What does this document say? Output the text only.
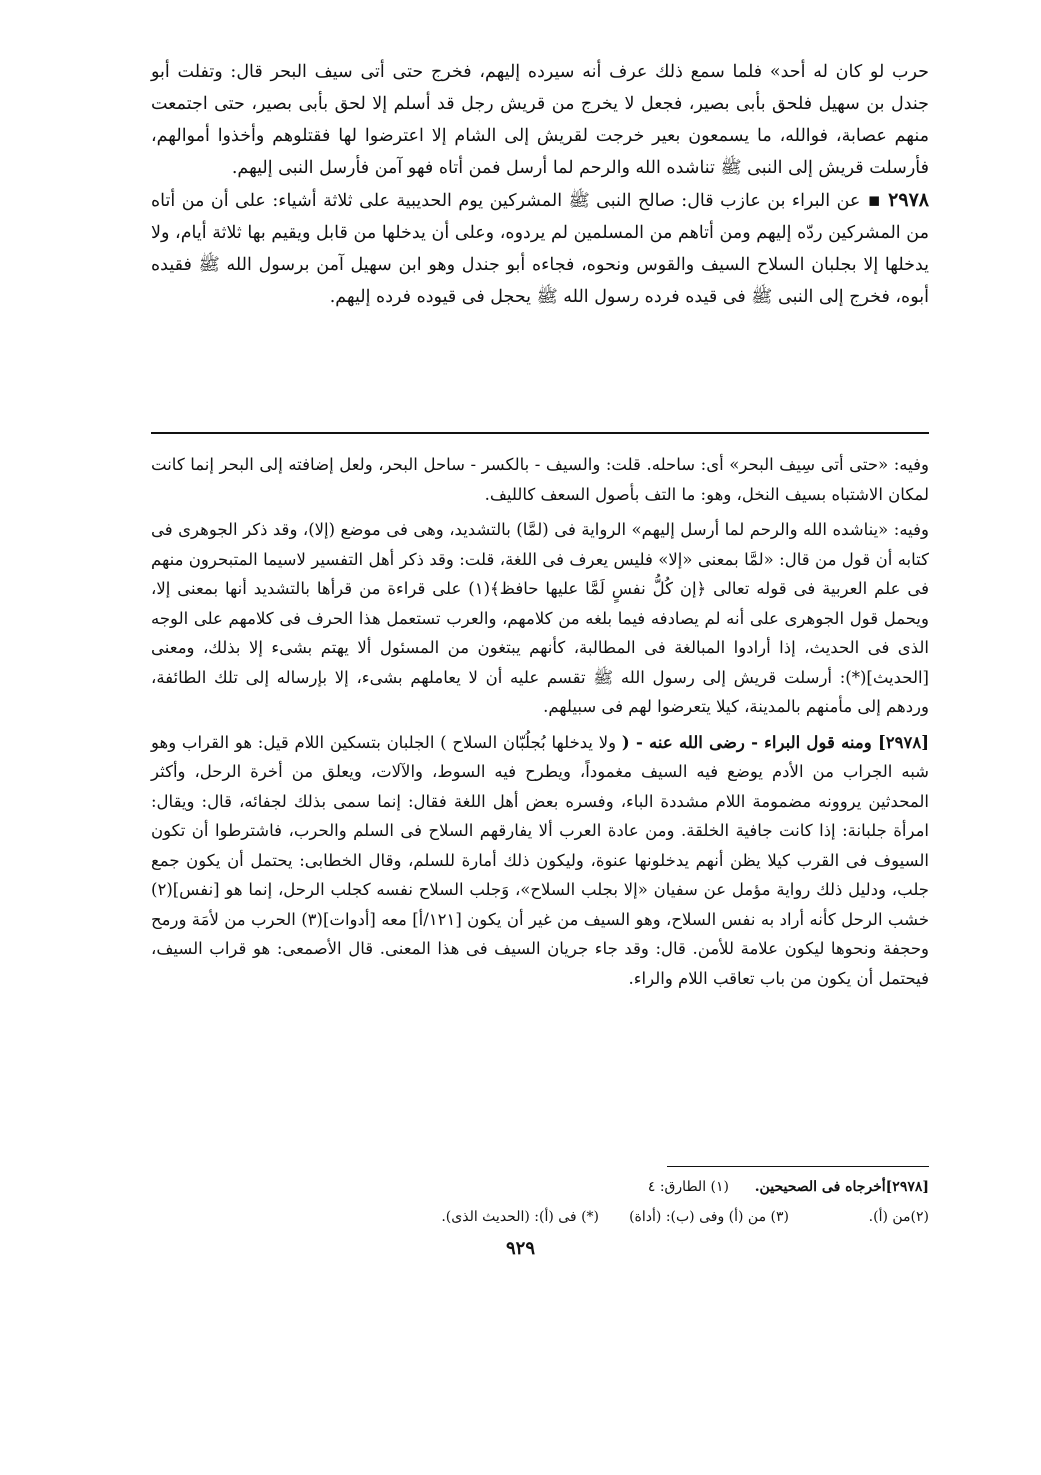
حرب لو كان له أحد» فلما سمع ذلك عرف أنه سيرده إليهم، فخرج حتى أتى سيف البحر قال: وتفلت أبو جندل بن سهيل فلحق بأبى بصير، فجعل لا يخرج من قريش رجل قد أسلم إلا لحق بأبى بصير، حتى اجتمعت منهم عصابة، فوالله، ما يسمعون بعير خرجت لقريش إلى الشام إلا اعترضوا لها فقتلوهم وأخذوا أموالهم، فأرسلت قريش إلى النبى ﷺ تناشده الله والرحم لما أرسل فمن أتاه فهو آمن فأرسل النبى إليهم.

٢٩٧٨ ▪ عن البراء بن عازب قال: صالح النبى ﷺ المشركين يوم الحديبية على ثلاثة أشياء: على أن من أتاه من المشركين ردّه إليهم ومن أتاهم من المسلمين لم يردوه، وعلى أن يدخلها من قابل ويقيم بها ثلاثة أيام، ولا يدخلها إلا بجلبان السلاح السيف والقوس ونحوه، فجاءه أبو جندل وهو ابن سهيل آمن برسول الله ﷺ فقيده أبوه، فخرج إلى النبى ﷺ فى قيده فرده رسول الله ﷺ يحجل فى قيوده فرده إليهم.

وفيه: «حتى أتى سِيف البحر» أى: ساحله. قلت: والسيف - بالكسر - ساحل البحر، ولعل إضافته إلى البحر إنما كانت لمكان الاشتباه بسيف النخل، وهو: ما التف بأصول السعف كالليف.

وفيه: «يناشده الله والرحم لما أرسل إليهم» الرواية فى (لمَّا) بالتشديد، وهى فى موضع (إلا)، وقد ذكر الجوهرى فى كتابه أن قول من قال: «لمَّا بمعنى «إلا» فليس يعرف فى اللغة، قلت: وقد ذكر أهل التفسير لاسيما المتبحرون منهم فى علم العربية فى قوله تعالى ﴿إن كُلُّ نفسٍ لَمَّا عليها حافظ﴾(١) على قراءة من قرأها بالتشديد أنها بمعنى إلا، ويحمل قول الجوهرى على أنه لم يصادفه فيما بلغه من كلامهم، والعرب تستعمل هذا الحرف فى كلامهم على الوجه الذى فى الحديث، إذا أرادوا المبالغة فى المطالبة، كأنهم يبتغون من المسئول ألا يهتم بشىء إلا بذلك، ومعنى [الحديث](*): أرسلت قريش إلى رسول الله ﷺ تقسم عليه أن لا يعاملهم بشىء، إلا بإرساله إلى تلك الطائفة، وردهم إلى مأمنهم بالمدينة، كيلا يتعرضوا لهم فى سبيلهم.

[٢٩٧٨] ومنه قول البراء - رضى الله عنه - ( ولا يدخلها بُجلُبّان السلاح ) الجلبان بتسكين اللام قيل: هو القراب وهو شبه الجراب من الأدم يوضع فيه السيف مغموداً، ويطرح فيه السوط، والآلات، ويعلق من أخرة الرحل، وأكثر المحدثين يروونه مضمومة اللام مشددة الباء، وفسره بعض أهل اللغة فقال: إنما سمى بذلك لجفائه، قال: ويقال: امرأة جلبانة: إذا كانت جافية الخلقة. ومن عادة العرب ألا يفارقهم السلاح فى السلم والحرب، فاشترطوا أن تكون السيوف فى القرب كيلا يظن أنهم يدخلونها عنوة، وليكون ذلك أمارة للسلم، وقال الخطابى: يحتمل أن يكون جمع جلب، ودليل ذلك رواية مؤمل عن سفيان «إلا بجلب السلاح»، وَجلب السلاح نفسه كجلب الرحل، إنما هو [نفس](٢) خشب الرحل كأنه أراد به نفس السلاح، وهو السيف من غير أن يكون [١٢١/أ] معه [أدوات](٣) الحرب من لأمَة ورمح وحجفة ونحوها ليكون علامة للأمن. قال: وقد جاء جريان السيف فى هذا المعنى. قال الأصمعى: هو قراب السيف، فيحتمل أن يكون من باب تعاقب اللام والراء.

[٢٩٧٨]أخرجاه فى الصحيحين.
(١) الطارق: ٤
(٢)من (أ).
(٣) من (أ) وفى (ب): (أداة)
(*) فى (أ): (الحديث الذى).
٩٢٩
